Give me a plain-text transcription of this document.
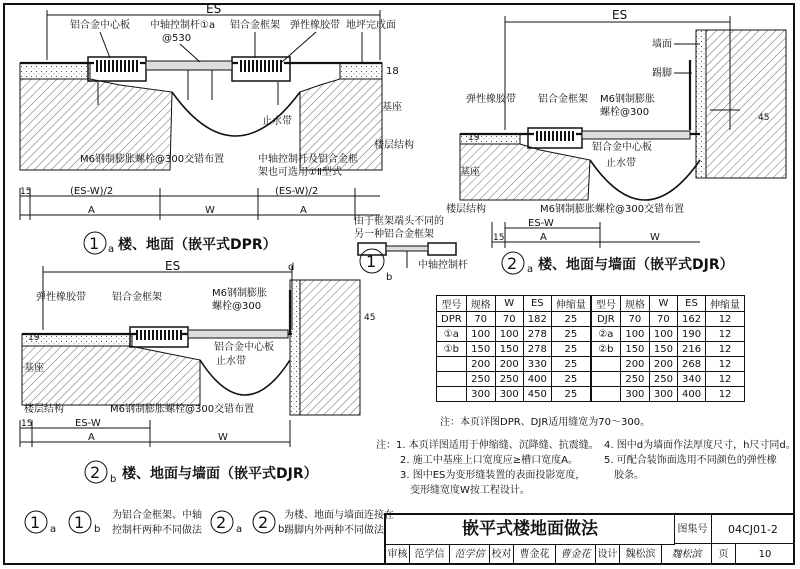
ES
铝合金中心板 中轴控制杆①a
@530
铝合金框架 弹性橡胶带 地坪完成面
18
基座
止水带
楼层结构
M6钢制膨胀螺栓@300交错布置	中轴控制杆及铝合金框
架也可选用①Ⅱ型式
15	(ES-W)/2	(ES-W)/2
A	W	A
1 a 楼、地面（嵌平式DPR）
由于框架端头不同的
另一种铝合金框架
1
b
中轴控制杆
ES
墙面
踢脚
弹性橡胶带 铝合金框架 M6钢制膨胀
螺栓@300
铝合金中心板
止水带
基座
楼层结构	M6钢制膨胀螺栓@300交错布置
19
45
15
ES-W
A	W
2 a 楼、地面与墙面（嵌平式DJR）
ES	d
弹性橡胶带	铝合金框架	M6钢制膨胀
螺栓@300
铝合金中心板
止水带
基座
楼层结构	M6钢制膨胀螺栓@300交错布置
19
45
15	ES-W
A	W
2 b 楼、地面与墙面（嵌平式DJR）
1 a 1 b
为铝合金框架、中轴
控制杆两种不同做法 2 a 2 b
为楼、地面与墙面连接在
踢脚内外两种不同做法
型号	规格	W	ES	伸缩量	型号	规格	W	ES	伸缩量
DPR	70	70	182	25	DJR	70	70	162	12
①a	100	100	278	25	②a	100	100	190	12
①b	150	150	278	25	②b	150	150	216	12
	200	200	330	25		200	200	268	12
	250	250	400	25		250	250	340	12
	300	300	450	25		300	300	400	12
注：本页详图DPR、DJR适用缝宽为70～300。
注：1. 本页详图适用于伸缩缝、沉降缝、抗震缝。
2. 施工中基座上口宽度应≥槽口宽度A。
3. 图中ES为变形缝装置的表面投影宽度，
变形缝宽度W按工程设计。
4. 图中d为墙面作法厚度尺寸，h尺寸同d。
5. 可配合装饰面选用不同颜色的弹性橡
胶条。
嵌平式楼地面做法	图集号	04CJ01-2
审核 范学信	范学信 校对 曹金花	曹金花 设计 魏松滨	魏松滨	页	10
